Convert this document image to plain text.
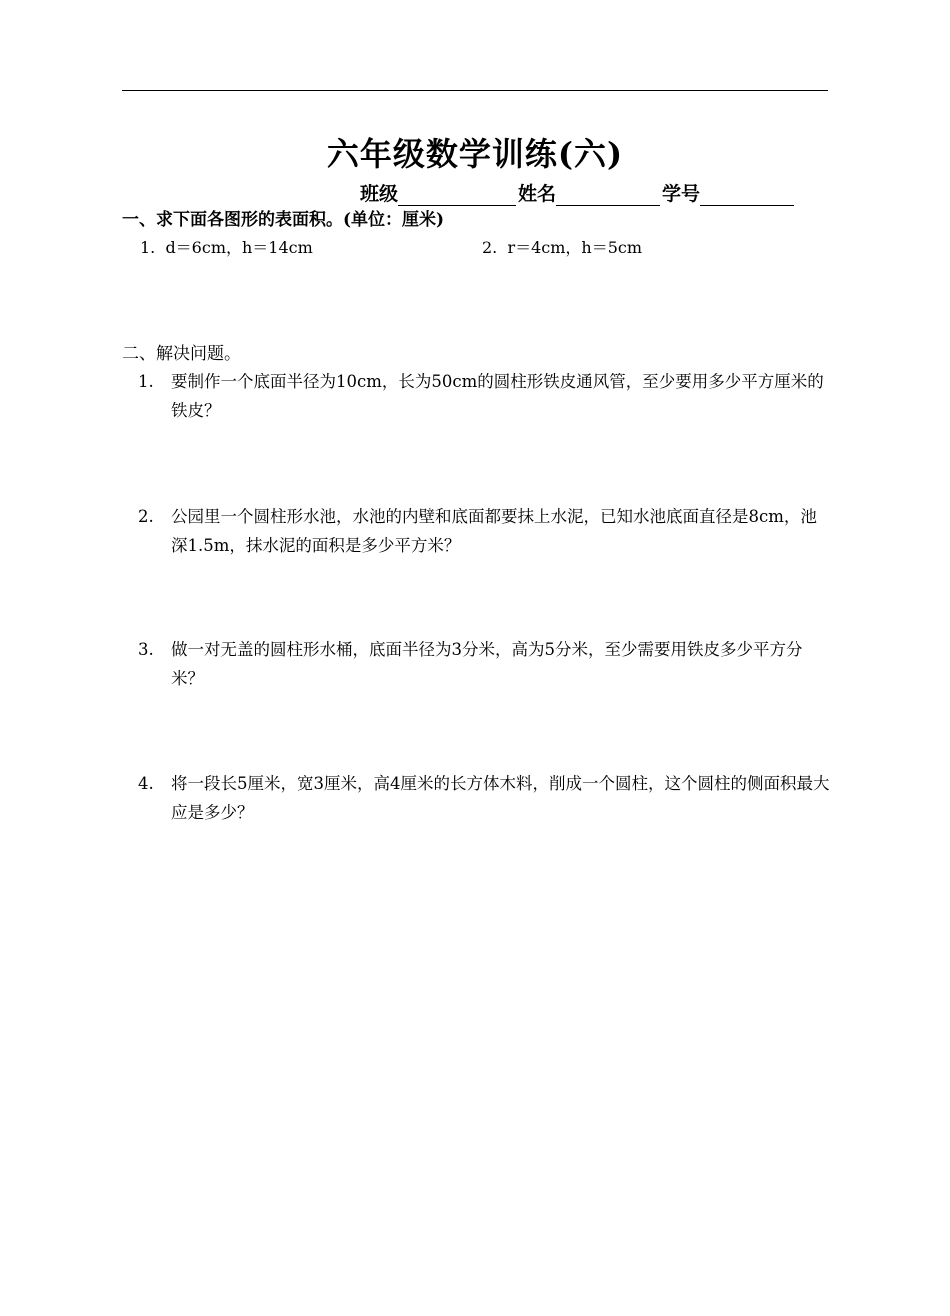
六年级数学训练(六)
班级	姓名	学号
一、求下面各图形的表面积。(单位：厘米)
1. d＝6cm，h＝14cm	2. r＝4cm，h＝5cm
二、解决问题。
1. 要制作一个底面半径为10cm，长为50cm的圆柱形铁皮通风管，至少要用多少平方厘米的铁皮？
2. 公园里一个圆柱形水池，水池的内壁和底面都要抹上水泥，已知水池底面直径是8cm，池深1.5m，抹水泥的面积是多少平方米？
3. 做一对无盖的圆柱形水桶，底面半径为3分米，高为5分米，至少需要用铁皮多少平方分米？
4. 将一段长5厘米，宽3厘米，高4厘米的长方体木料，削成一个圆柱，这个圆柱的侧面积最大应是多少？
